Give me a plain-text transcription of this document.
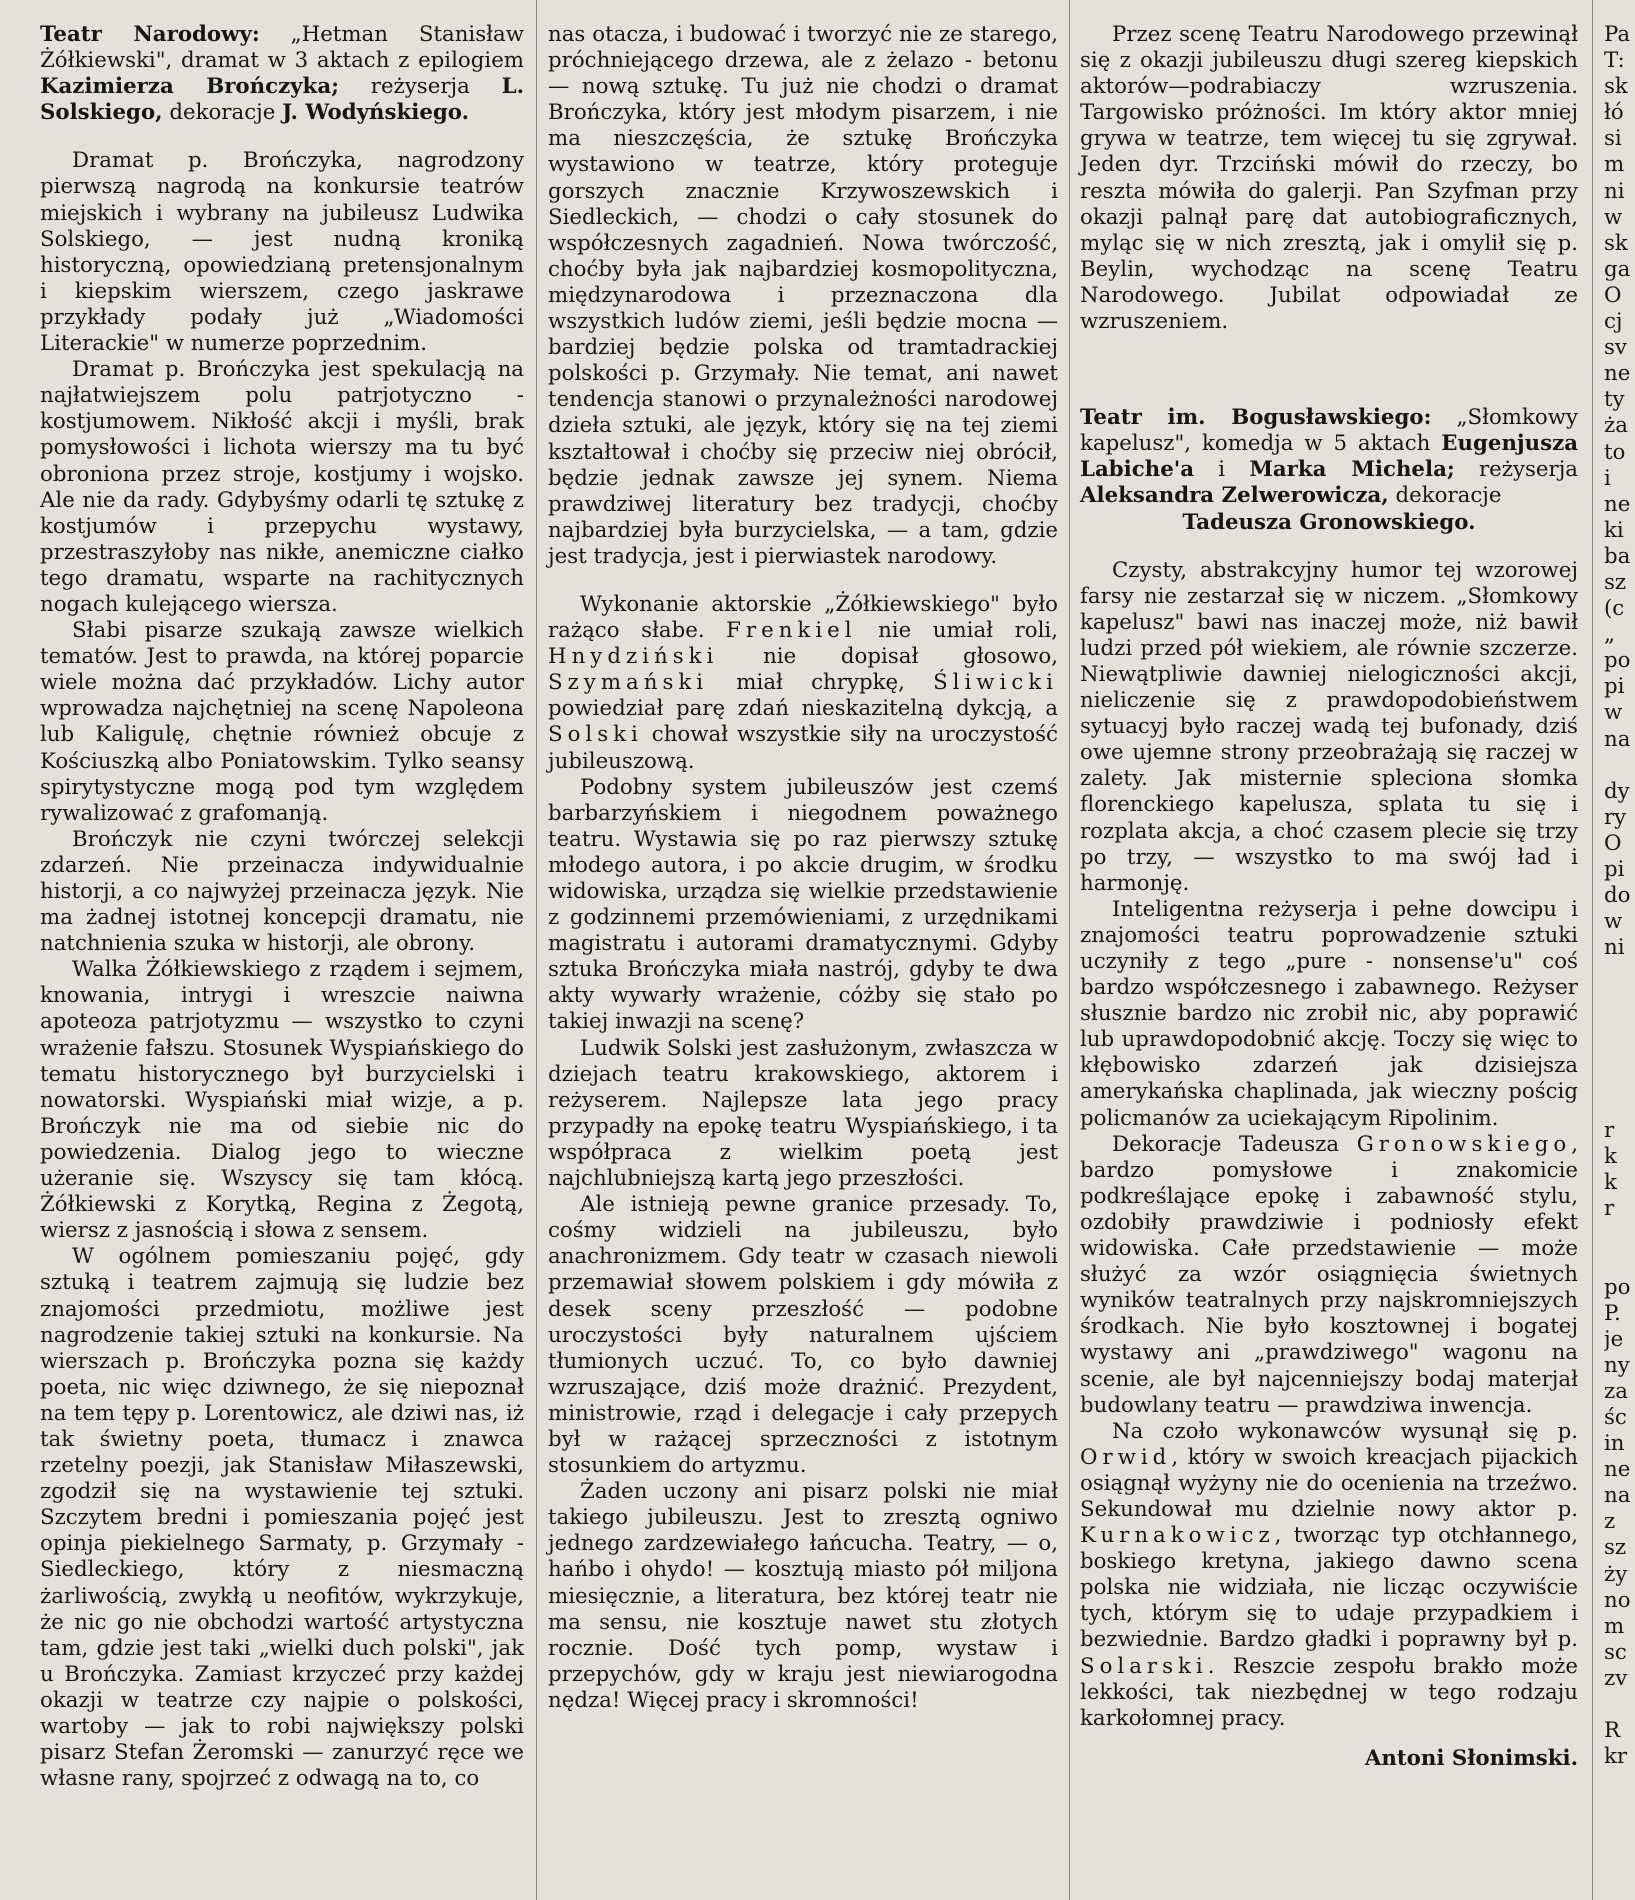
Teatr Narodowy: „Hetman Stanisław Żółkiewski", dramat w 3 aktach z epilogiem Kazimierza Brończyka; reżyserja L. Solskiego, dekoracje J. Wodyńskiego.

Dramat p. Brończyka, nagrodzony pierwszą nagrodą na konkursie teatrów miejskich i wybrany na jubileusz Ludwika Solskiego, — jest nudną kroniką historyczną, opowiedzianą pretensjonalnym i kiepskim wierszem, czego jaskrawe przykłady podały już „Wiadomości Literackie" w numerze poprzednim.

Dramat p. Brończyka jest spekulacją na najłatwiejszem polu patrjotyczno - kostjumowem. Nikłość akcji i myśli, brak pomysłowości i lichota wierszy ma tu być obroniona przez stroje, kostjumy i wojsko. Ale nie da rady. Gdybyśmy odarli tę sztukę z kostjumów i przepychu wystawy, przestraszyłoby nas nikłe, anemiczne ciałko tego dramatu, wsparte na rachitycznych nogach kulejącego wiersza.

Słabi pisarze szukają zawsze wielkich tematów. Jest to prawda, na której poparcie wiele można dać przykładów. Lichy autor wprowadza najchętniej na scenę Napoleona lub Kaligulę, chętnie również obcuje z Kościuszką albo Poniatowskim. Tylko seansy spirytystyczne mogą pod tym względem rywalizować z grafomanją.

Brończyk nie czyni twórczej selekcji zdarzeń. Nie przeinacza indywidualnie historji, a co najwyżej przeinacza język. Nie ma żadnej istotnej koncepcji dramatu, nie natchnienia szuka w historji, ale obrony.

Walka Żółkiewskiego z rządem i sejmem, knowania, intrygi i wreszcie naiwna apoteoza patrjotyzmu — wszystko to czyni wrażenie fałszu. Stosunek Wyspiańskiego do tematu historycznego był burzycielski i nowatorski. Wyspiański miał wizje, a p. Brończyk nie ma od siebie nic do powiedzenia. Dialog jego to wieczne użeranie się. Wszyscy się tam kłócą. Żółkiewski z Korytką, Regina z Żegotą, wiersz z jasnością i słowa z sensem.

W ogólnem pomieszaniu pojęć, gdy sztuką i teatrem zajmują się ludzie bez znajomości przedmiotu, możliwe jest nagrodzenie takiej sztuki na konkursie. Na wierszach p. Brończyka pozna się każdy poeta, nic więc dziwnego, że się niepoznał na tem tępy p. Lorentowicz, ale dziwi nas, iż tak świetny poeta, tłumacz i znawca rzetelny poezji, jak Stanisław Miłaszewski, zgodził się na wystawienie tej sztuki. Szczytem bredni i pomieszania pojęć jest opinja piekielnego Sarmaty, p. Grzymały - Siedleckiego, który z niesmaczną żarliwością, zwykłą u neofitów, wykrzykuje, że nic go nie obchodzi wartość artystyczna tam, gdzie jest taki „wielki duch polski", jak u Brończyka. Zamiast krzyczeć przy każdej okazji w teatrze czy najpie o polskości, wartoby — jak to robi największy polski pisarz Stefan Żeromski — zanurzyć ręce we własne rany, spojrzeć z odwagą na to, co

nas otacza, i budować i tworzyć nie ze starego, próchniejącego drzewa, ale z żelazo - betonu — nową sztukę. Tu już nie chodzi o dramat Brończyka, który jest młodym pisarzem, i nie ma nieszczęścia, że sztukę Brończyka wystawiono w teatrze, który proteguje gorszych znacznie Krzywoszewskich i Siedleckich, — chodzi o cały stosunek do współczesnych zagadnień. Nowa twórczość, choćby była jak najbardziej kosmopolityczna, międzynarodowa i przeznaczona dla wszystkich ludów ziemi, jeśli będzie mocna — bardziej będzie polska od tramtadrackiej polskości p. Grzymały. Nie temat, ani nawet tendencja stanowi o przynależności narodowej dzieła sztuki, ale język, który się na tej ziemi kształtował i choćby się przeciw niej obrócił, będzie jednak zawsze jej synem. Niema prawdziwej literatury bez tradycji, choćby najbardziej była burzycielska, — a tam, gdzie jest tradycja, jest i pierwiastek narodowy.

Wykonanie aktorskie „Żółkiewskiego" było rażąco słabe. Frenkiel nie umiał roli, Hnydziński nie dopisał głosowo, Szymański miał chrypkę, Śliwicki powiedział parę zdań nieskazitelną dykcją, a Solski chował wszystkie siły na uroczystość jubileuszową.

Podobny system jubileuszów jest czemś barbarzyńskiem i niegodnem poważnego teatru. Wystawia się po raz pierwszy sztukę młodego autora, i po akcie drugim, w środku widowiska, urządza się wielkie przedstawienie z godzinnemi przemówieniami, z urzędnikami magistratu i autorami dramatycznymi. Gdyby sztuka Brończyka miała nastrój, gdyby te dwa akty wywarły wrażenie, cóżby się stało po takiej inwazji na scenę?

Ludwik Solski jest zasłużonym, zwłaszcza w dziejach teatru krakowskiego, aktorem i reżyserem. Najlepsze lata jego pracy przypadły na epokę teatru Wyspiańskiego, i ta współpraca z wielkim poetą jest najchlubniejszą kartą jego przeszłości.

Ale istnieją pewne granice przesady. To, cośmy widzieli na jubileuszu, było anachronizmem. Gdy teatr w czasach niewoli przemawiał słowem polskiem i gdy mówiła z desek sceny przeszłość — podobne uroczystości były naturalnem ujściem tłumionych uczuć. To, co było dawniej wzruszające, dziś może drażnić. Prezydent, ministrowie, rząd i delegacje i cały przepych był w rażącej sprzeczności z istotnym stosunkiem do artyzmu.

Żaden uczony ani pisarz polski nie miał takiego jubileuszu. Jest to zresztą ogniwo jednego zardzewiałego łańcucha. Teatry, — o, hańbo i ohydo! — kosztują miasto pół miljona miesięcznie, a literatura, bez której teatr nie ma sensu, nie kosztuje nawet stu złotych rocznie. Dość tych pomp, wystaw i przepychów, gdy w kraju jest niewiarogodna nędza! Więcej pracy i skromności!

Przez scenę Teatru Narodowego przewinął się z okazji jubileuszu długi szereg kiepskich aktorów—podrabiaczy wzruszenia. Targowisko próżności. Im który aktor mniej grywa w teatrze, tem więcej tu się zgrywał. Jeden dyr. Trzciński mówił do rzeczy, bo reszta mówiła do galerji. Pan Szyfman przy okazji palnął parę dat autobiograficznych, myląc się w nich zresztą, jak i omylił się p. Beylin, wychodząc na scenę Teatru Narodowego. Jubilat odpowiadał ze wzruszeniem.

Teatr im. Bogusławskiego: „Słomkowy kapelusz", komedja w 5 aktach Eugenjusza Labiche'a i Marka Michela; reżyserja Aleksandra Zelwerowicza, dekoracje
Tadeusza Gronowskiego.

Czysty, abstrakcyjny humor tej wzorowej farsy nie zestarzał się w niczem. „Słomkowy kapelusz" bawi nas inaczej może, niż bawił ludzi przed pół wiekiem, ale równie szczerze. Niewątpliwie dawniej nielogiczności akcji, nieliczenie się z prawdopodobieństwem sytuacyj było raczej wadą tej bufonady, dziś owe ujemne strony przeobrażają się raczej w zalety. Jak misternie spleciona słomka florenckiego kapelusza, splata tu się i rozplata akcja, a choć czasem plecie się trzy po trzy, — wszystko to ma swój ład i harmonję.

Inteligentna reżyserja i pełne dowcipu i znajomości teatru poprowadzenie sztuki uczyniły z tego „pure - nonsense'u" coś bardzo współczesnego i zabawnego. Reżyser słusznie bardzo nic zrobił nic, aby poprawić lub uprawdopodobnić akcję. Toczy się więc to kłębowisko zdarzeń jak dzisiejsza amerykańska chaplinada, jak wieczny pościg policmanów za uciekającym Ripolinim.

Dekoracje Tadeusza Gronowskiego, bardzo pomysłowe i znakomicie podkreślające epokę i zabawność stylu, ozdobiły prawdziwie i podniosły efekt widowiska. Całe przedstawienie — może służyć za wzór osiągnięcia świetnych wyników teatralnych przy najskromniejszych środkach. Nie było kosztownej i bogatej wystawy ani „prawdziwego" wagonu na scenie, ale był najcenniejszy bodaj materjał budowlany teatru — prawdziwa inwencja.

Na czoło wykonawców wysunął się p. Orwid, który w swoich kreacjach pijackich osiągnął wyżyny nie do ocenienia na trzeźwo. Sekundował mu dzielnie nowy aktor p. Kurnakowicz, tworząc typ otchłannego, boskiego kretyna, jakiego dawno scena polska nie widziała, nie licząc oczywiście tych, którym się to udaje przypadkiem i bezwiednie. Bardzo gładki i poprawny był p. Solarski. Reszcie zespołu brakło może lekkości, tak niezbędnej w tego rodzaju karkołomnej pracy.

Antoni Słonimski.

Pa
T:
sk
łó
si
m
ni
w
sk
ga
O
cj
sv
ne
ty
ża
to
i
ne
ki
ba
sz
(c
„
po
pi
w
na

dy
ry
O
pi
do
w
ni

r
k
k
r

po
P.
je
ny
za
śc
in
ne
na
z
sz
ży
no
m
sc
zv

R
kr
